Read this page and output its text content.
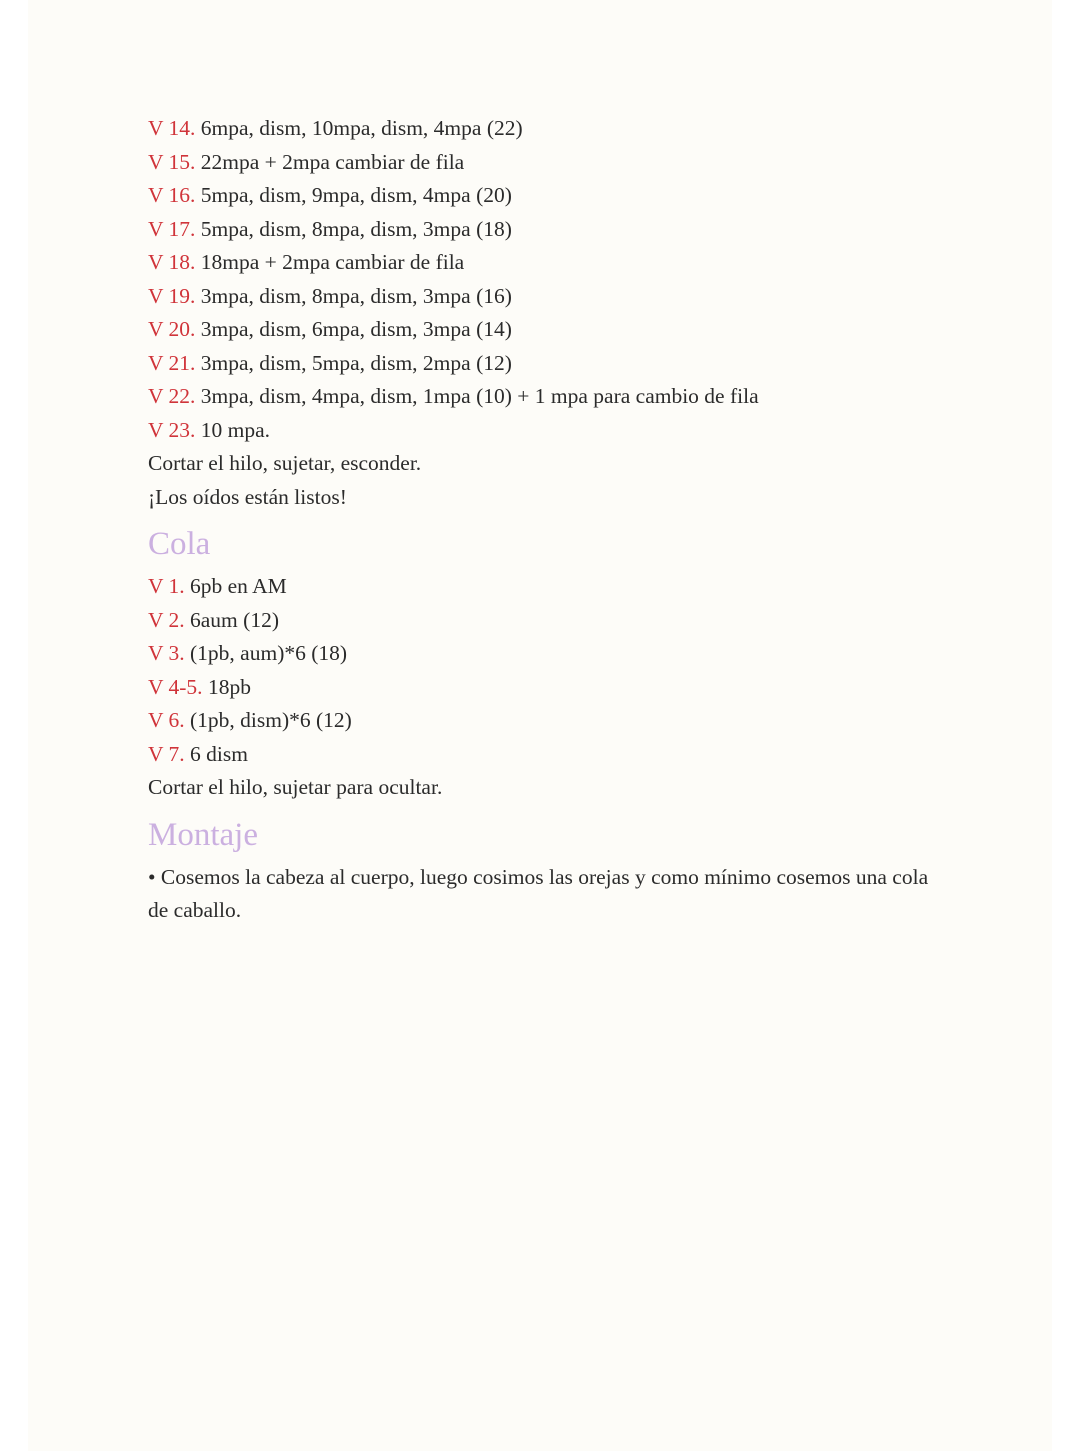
V 14. 6mpa, dism, 10mpa, dism, 4mpa (22)
V 15. 22mpa + 2mpa cambiar de fila
V 16. 5mpa, dism, 9mpa, dism, 4mpa (20)
V 17. 5mpa, dism, 8mpa, dism, 3mpa (18)
V 18. 18mpa + 2mpa cambiar de fila
V 19. 3mpa, dism, 8mpa, dism, 3mpa (16)
V 20. 3mpa, dism, 6mpa, dism, 3mpa (14)
V 21. 3mpa, dism, 5mpa, dism, 2mpa (12)
V 22. 3mpa, dism, 4mpa, dism, 1mpa (10) + 1 mpa para cambio de fila
V 23. 10 mpa.
Cortar el hilo, sujetar, esconder.
¡Los oídos están listos!
Cola
V 1. 6pb en AM
V 2. 6aum (12)
V 3. (1pb, aum)*6 (18)
V 4-5. 18pb
V 6. (1pb, dism)*6 (12)
V 7. 6 dism
Cortar el hilo, sujetar para ocultar.
Montaje
• Cosemos la cabeza al cuerpo, luego cosimos las orejas y como mínimo cosemos una cola de caballo.
